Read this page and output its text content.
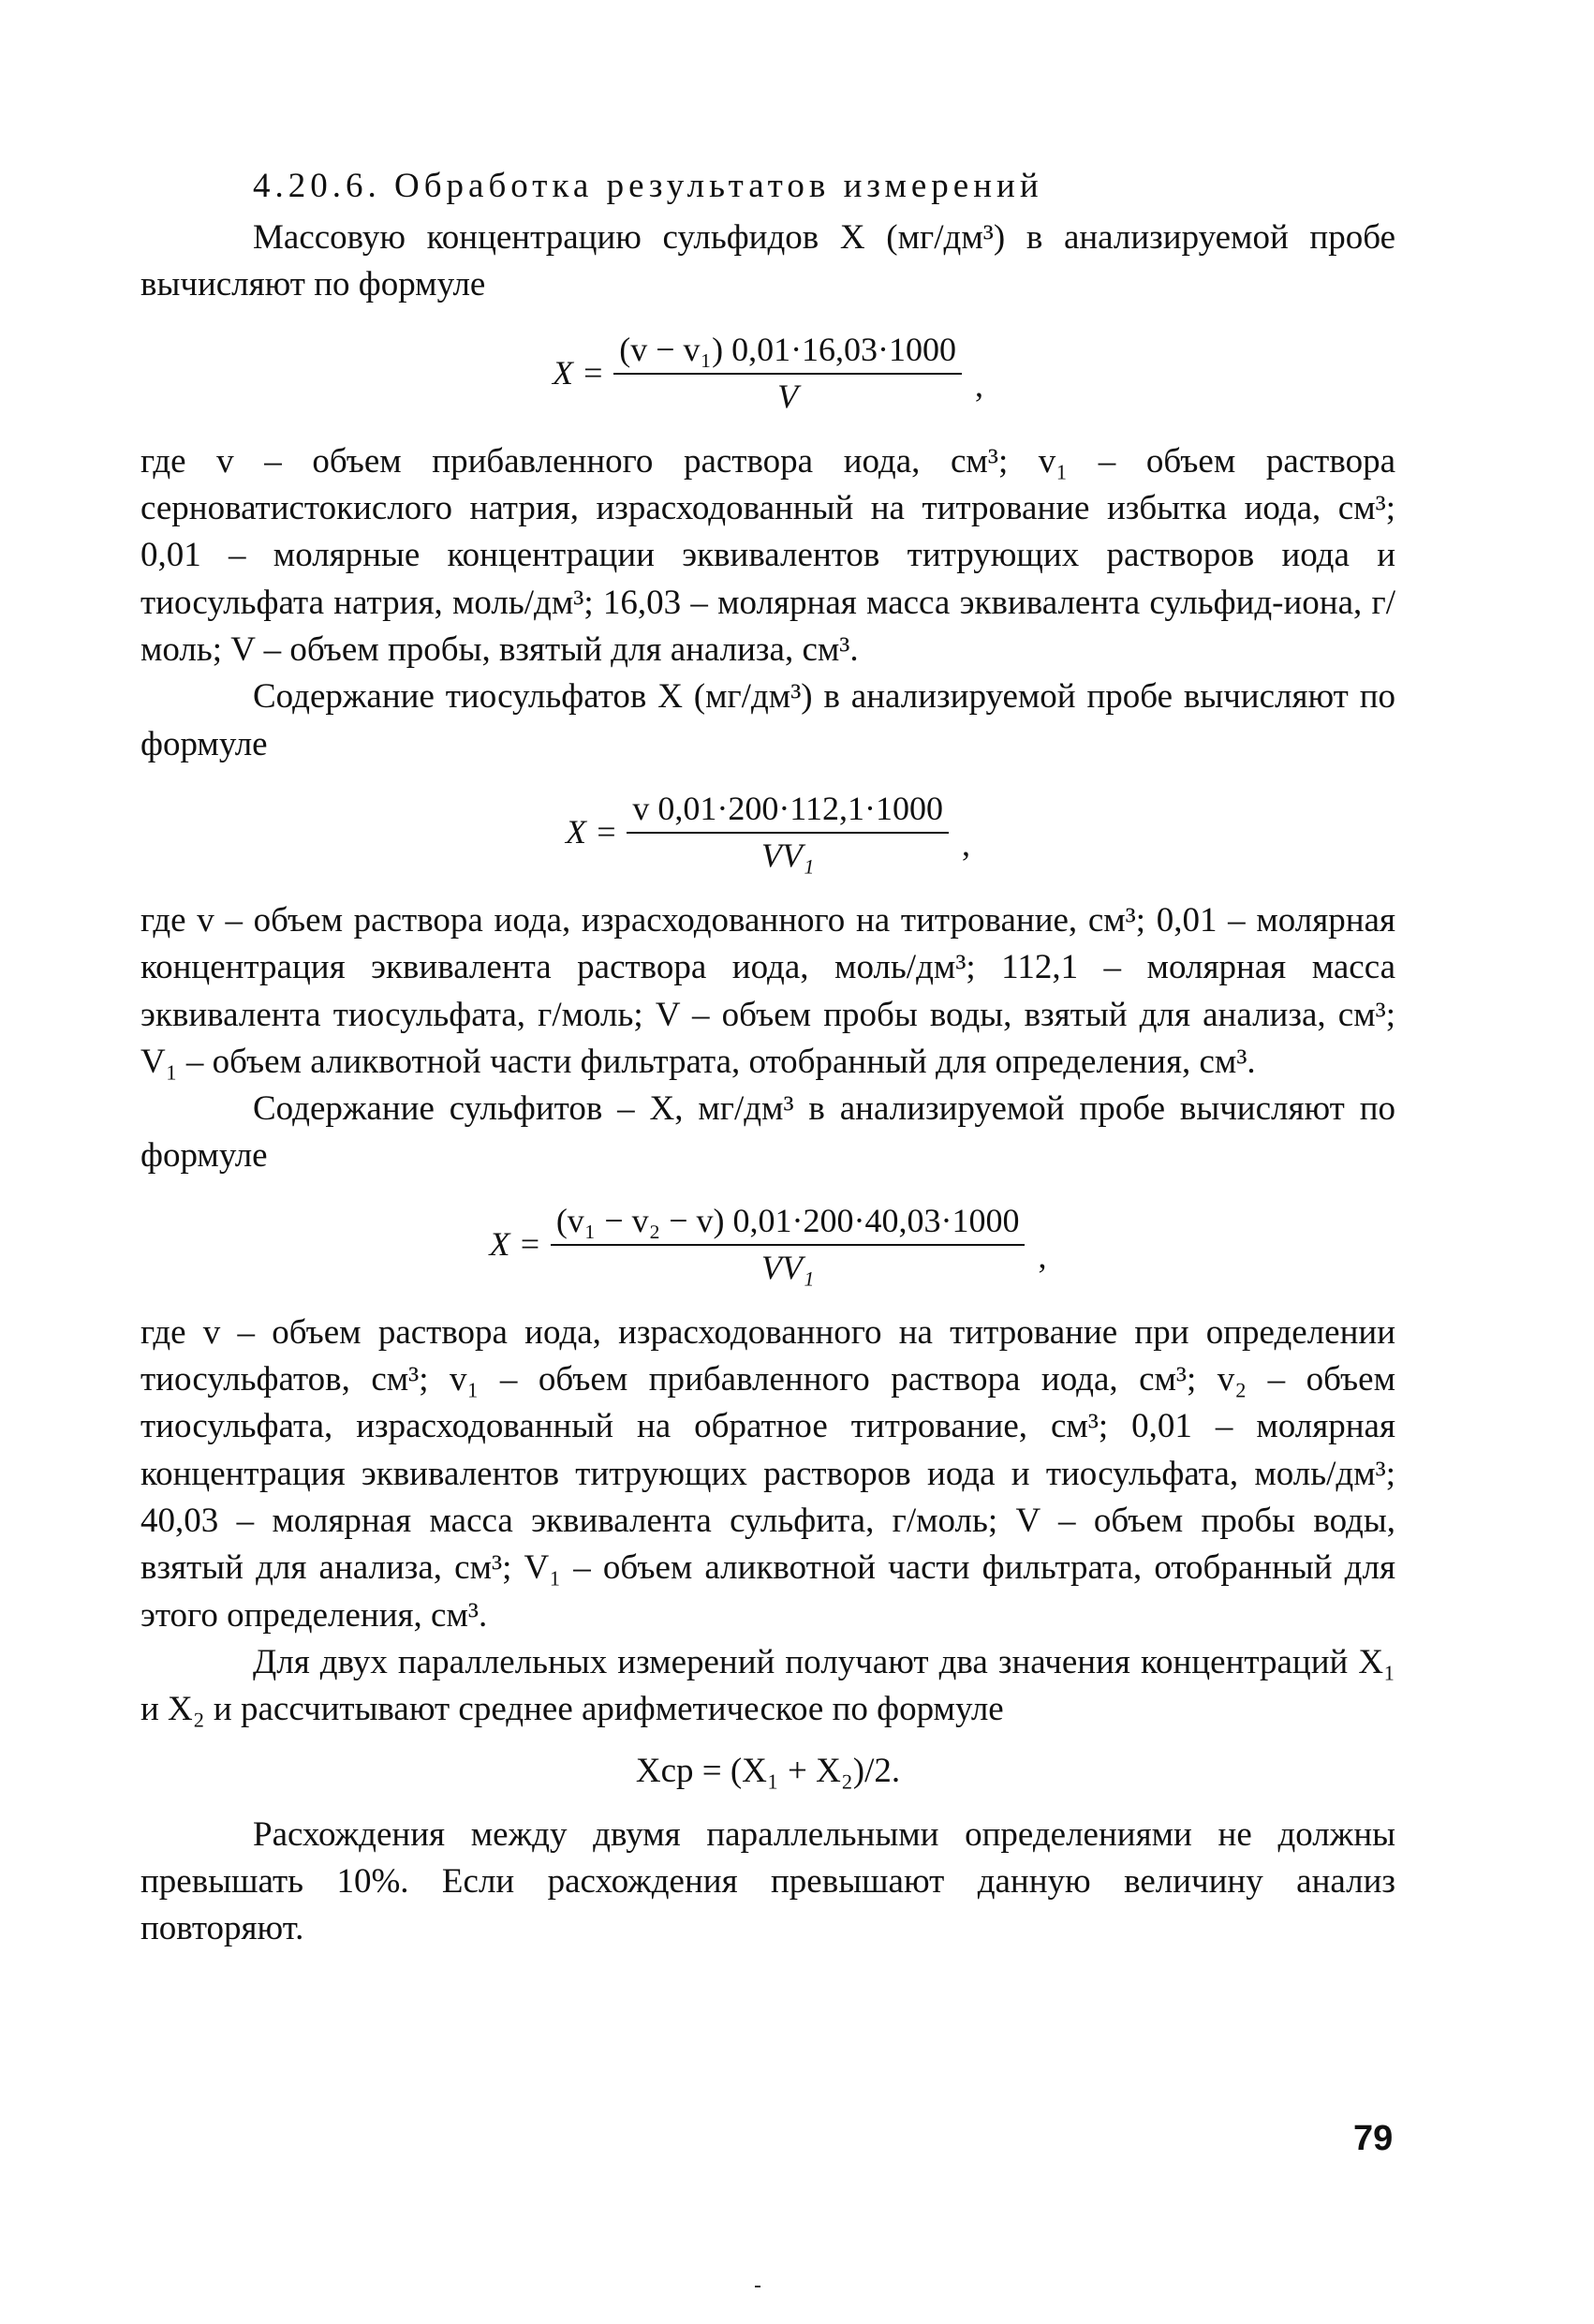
4.20.6. Обработка результатов измерений

Массовую концентрацию сульфидов X (мг/дм³) в анализируемой пробе вычисляют по формуле

$X = \frac{\text{(v − v₁) 0,01·16,03·1000}}{V}$ ,

где v – объем прибавленного раствора иода, см³; v₁ – объем раствора серноватистокислого натрия, израсходованный на титрование избытка иода, см³; 0,01 – молярные концентрации эквивалентов титрующих растворов иода и тиосульфата натрия, моль/дм³; 16,03 – молярная масса эквивалента сульфид-иона, г/моль; V – объем пробы, взятый для анализа, см³.

Содержание тиосульфатов X (мг/дм³) в анализируемой пробе вычисляют по формуле

$X = \frac{v 0,01\cdot 200\cdot 112,1\cdot 1000}{\text{VV₁}}$ ,

где v – объем раствора иода, израсходованного на титрование, см³; 0,01 – молярная концентрация эквивалента раствора иода, моль/дм³; 112,1 – молярная масса эквивалента тиосульфата, г/моль; V – объем пробы воды, взятый для анализа, см³; V₁ – объем аликвотной части фильтрата, отобранный для определения, см³.

Содержание сульфитов – X, мг/дм³ в анализируемой пробе вычисляют по формуле

$X = \frac{\text{(v₁ − v₂ − v) 0,01·200·40,03·1000}}{\text{VV₁}}$ ,

где v – объем раствора иода, израсходованного на титрование при определении тиосульфатов, см³; v₁ – объем прибавленного раствора иода, см³; v₂ – объем тиосульфата, израсходованный на обратное титрование, см³; 0,01 – молярная концентрация эквивалентов титрующих растворов иода и тиосульфата, моль/дм³; 40,03 – молярная масса эквивалента сульфита, г/моль; V – объем пробы воды, взятый для анализа, см³; V₁ – объем аликвотной части фильтрата, отобранный для этого определения, см³.

Для двух параллельных измерений получают два значения концентраций X₁ и X₂ и рассчитывают среднее арифметическое по формуле

Xср = (X₁ + X₂)/2.

Расхождения между двумя параллельными определениями не должны превышать 10%. Если расхождения превышают данную величину анализ повторяют.

79
